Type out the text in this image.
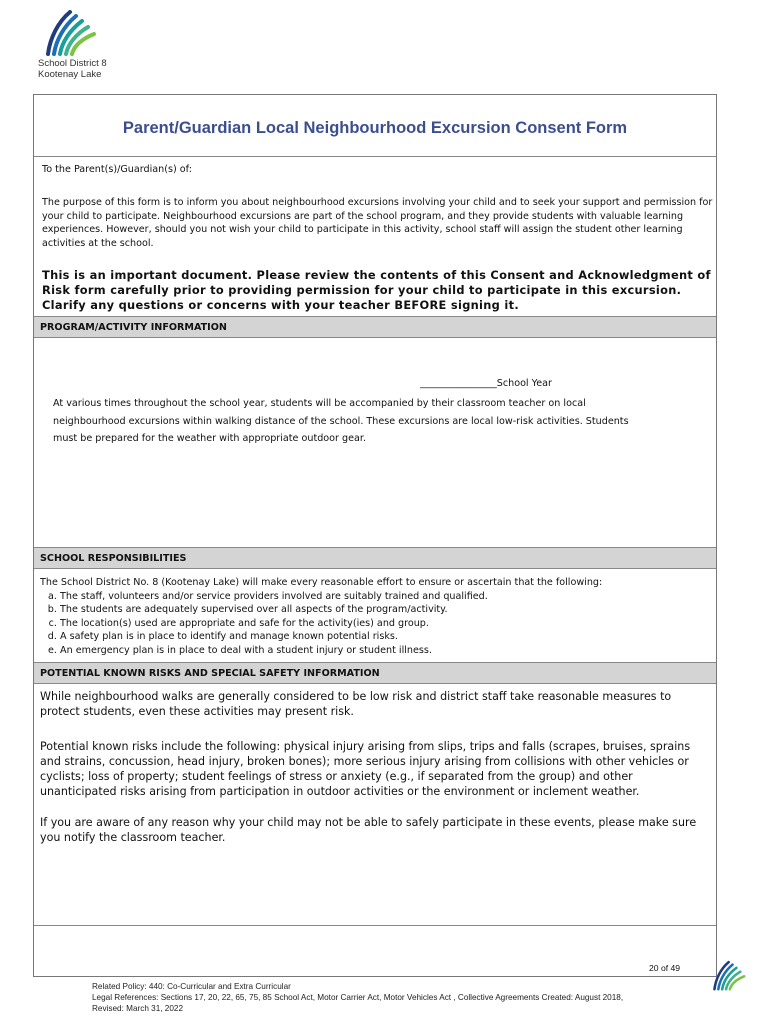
School District 8
Kootenay Lake
Parent/Guardian Local Neighbourhood Excursion Consent Form
To the Parent(s)/Guardian(s) of:
The purpose of this form is to inform you about neighbourhood excursions involving your child and to seek your support and permission for your child to participate. Neighbourhood excursions are part of the school program, and they provide students with valuable learning experiences. However, should you not wish your child to participate in this activity, school staff will assign the student other learning activities at the school.
This is an important document. Please review the contents of this Consent and Acknowledgment of Risk form carefully prior to providing permission for your child to participate in this excursion. Clarify any questions or concerns with your teacher BEFORE signing it.
PROGRAM/ACTIVITY INFORMATION
________________School Year
At various times throughout the school year, students will be accompanied by their classroom teacher on local neighbourhood excursions within walking distance of the school. These excursions are local low-risk activities. Students must be prepared for the weather with appropriate outdoor gear.
SCHOOL RESPONSIBILITIES
The School District No. 8 (Kootenay Lake) will make every reasonable effort to ensure or ascertain that the following:
a. The staff, volunteers and/or service providers involved are suitably trained and qualified.
b. The students are adequately supervised over all aspects of the program/activity.
c. The location(s) used are appropriate and safe for the activity(ies) and group.
d. A safety plan is in place to identify and manage known potential risks.
e. An emergency plan is in place to deal with a student injury or student illness.
POTENTIAL KNOWN RISKS AND SPECIAL SAFETY INFORMATION
While neighbourhood walks are generally considered to be low risk and district staff take reasonable measures to protect students, even these activities may present risk.
Potential known risks include the following: physical injury arising from slips, trips and falls (scrapes, bruises, sprains and strains, concussion, head injury, broken bones); more serious injury arising from collisions with other vehicles or cyclists; loss of property; student feelings of stress or anxiety (e.g., if separated from the group) and other unanticipated risks arising from participation in outdoor activities or the environment or inclement weather.
If you are aware of any reason why your child may not be able to safely participate in these events, please make sure you notify the classroom teacher.
20 of 49
Related Policy: 440: Co-Curricular and Extra Curricular
Legal References: Sections 17, 20, 22, 65, 75, 85 School Act, Motor Carrier Act, Motor Vehicles Act , Collective Agreements Created: August 2018,
Revised: March 31, 2022
